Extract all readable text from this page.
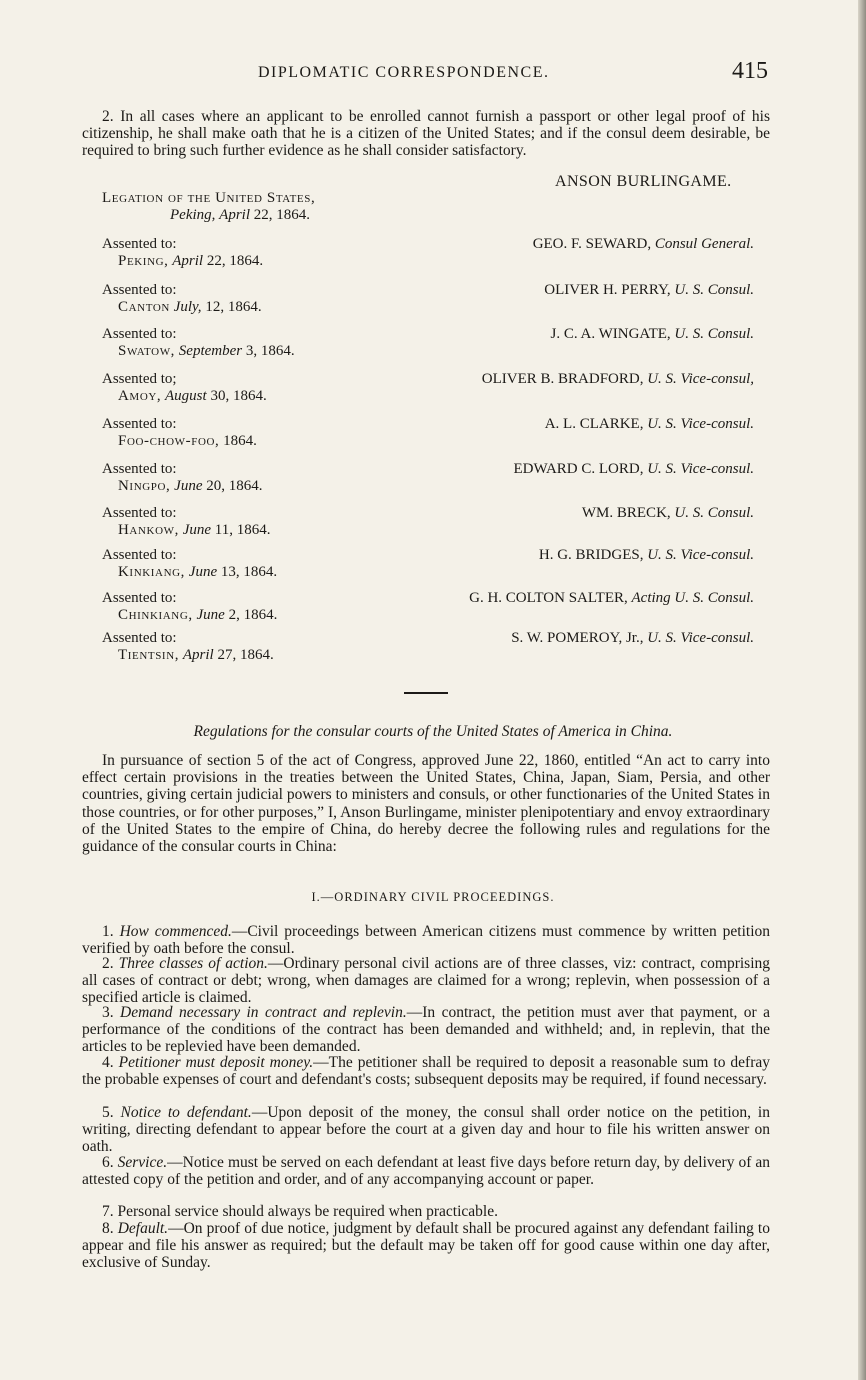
DIPLOMATIC CORRESPONDENCE.	415
2. In all cases where an applicant to be enrolled cannot furnish a passport or other legal proof of his citizenship, he shall make oath that he is a citizen of the United States; and if the consul deem desirable, be required to bring such further evidence as he shall consider satisfactory.
ANSON BURLINGAME.
Legation of the United States,
Peking, April 22, 1864.
Assented to:
Peking, April 22, 1864.
GEO. F. SEWARD, Consul General.
Assented to:
Canton July, 12, 1864.
OLIVER H. PERRY, U. S. Consul.
Assented to:
Swatow, September 3, 1864.
J. C. A. WINGATE, U. S. Consul.
Assented to;
Amoy, August 30, 1864.
OLIVER B. BRADFORD, U. S. Vice-consul,
Assented to:
Foo-chow-foo, 1864.
A. L. CLARKE, U. S. Vice-consul.
Assented to:
Ningpo, June 20, 1864.
EDWARD C. LORD, U. S. Vice-consul.
Assented to:
Hankow, June 11, 1864.
WM. BRECK, U. S. Consul.
Assented to:
Kinkiang, June 13, 1864.
H. G. BRIDGES, U. S. Vice-consul.
Assented to:
Chinkiang, June 2, 1864.
G. H. COLTON SALTER, Acting U. S. Consul.
Assented to:
Tientsin, April 27, 1864.
S. W. POMEROY, Jr., U. S. Vice-consul.
Regulations for the consular courts of the United States of America in China.
In pursuance of section 5 of the act of Congress, approved June 22, 1860, entitled “An act to carry into effect certain provisions in the treaties between the United States, China, Japan, Siam, Persia, and other countries, giving certain judicial powers to ministers and consuls, or other functionaries of the United States in those countries, or for other purposes,” I, Anson Burlingame, minister plenipotentiary and envoy extraordinary of the United States to the empire of China, do hereby decree the following rules and regulations for the guidance of the consular courts in China:
I.—ORDINARY CIVIL PROCEEDINGS.
1. How commenced.—Civil proceedings between American citizens must commence by written petition verified by oath before the consul.
2. Three classes of action.—Ordinary personal civil actions are of three classes, viz: contract, comprising all cases of contract or debt; wrong, when damages are claimed for a wrong; replevin, when possession of a specified article is claimed.
3. Demand necessary in contract and replevin.—In contract, the petition must aver that payment, or a performance of the conditions of the contract has been demanded and withheld; and, in replevin, that the articles to be replevied have been demanded.
4. Petitioner must deposit money.—The petitioner shall be required to deposit a reasonable sum to defray the probable expenses of court and defendant's costs; subsequent deposits may be required, if found necessary.
5. Notice to defendant.—Upon deposit of the money, the consul shall order notice on the petition, in writing, directing defendant to appear before the court at a given day and hour to file his written answer on oath.
6. Service.—Notice must be served on each defendant at least five days before return day, by delivery of an attested copy of the petition and order, and of any accompanying account or paper.
7. Personal service should always be required when practicable.
8. Default.—On proof of due notice, judgment by default shall be procured against any defendant failing to appear and file his answer as required; but the default may be taken off for good cause within one day after, exclusive of Sunday.
